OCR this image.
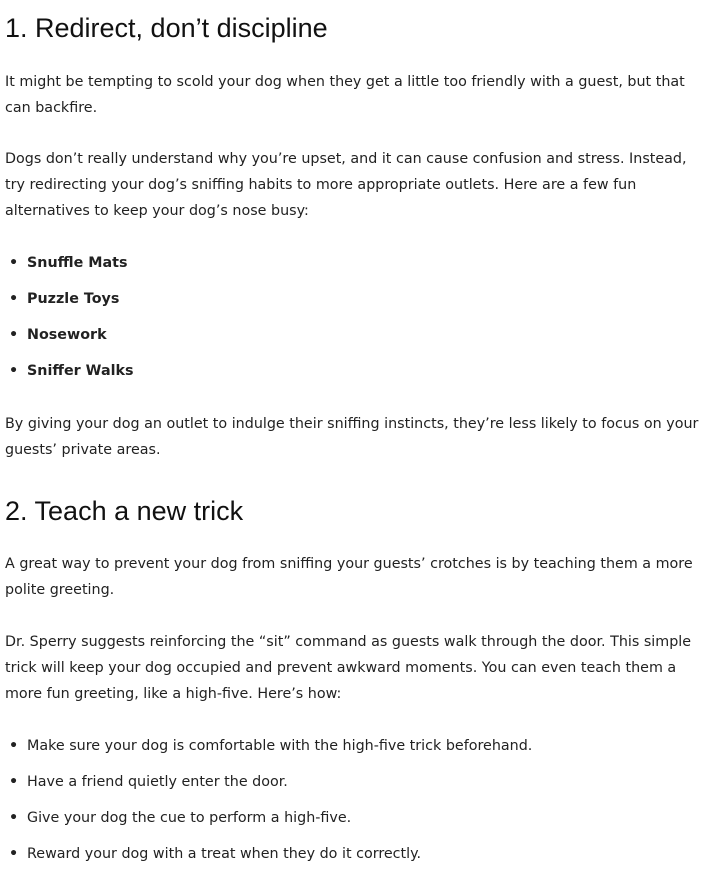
1. Redirect, don’t discipline

It might be tempting to scold your dog when they get a little too friendly with a guest, but that can backfire.

Dogs don’t really understand why you’re upset, and it can cause confusion and stress. Instead, try redirecting your dog’s sniffing habits to more appropriate outlets. Here are a few fun alternatives to keep your dog’s nose busy:

• Snuffle Mats
• Puzzle Toys
• Nosework
• Sniffer Walks

By giving your dog an outlet to indulge their sniffing instincts, they’re less likely to focus on your guests’ private areas.

2. Teach a new trick

A great way to prevent your dog from sniffing your guests’ crotches is by teaching them a more polite greeting.

Dr. Sperry suggests reinforcing the “sit” command as guests walk through the door. This simple trick will keep your dog occupied and prevent awkward moments. You can even teach them a more fun greeting, like a high-five. Here’s how:

• Make sure your dog is comfortable with the high-five trick beforehand.
• Have a friend quietly enter the door.
• Give your dog the cue to perform a high-five.
• Reward your dog with a treat when they do it correctly.
